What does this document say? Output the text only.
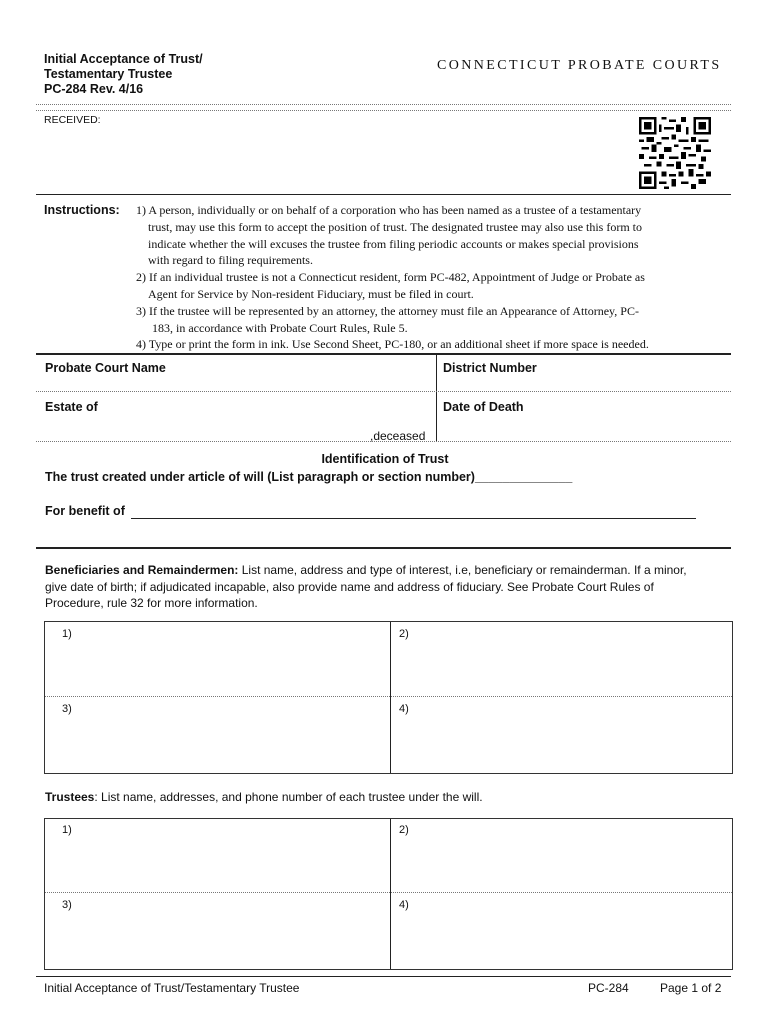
Initial Acceptance of Trust/
Testamentary Trustee
PC-284 Rev. 4/16
CONNECTICUT PROBATE COURTS
RECEIVED:
Instructions: 1) A person, individually or on behalf of a corporation who has been named as a trustee of a testamentary
trust, may use this form to accept the position of trust. The designated trustee may also use this form to
indicate whether the will excuses the trustee from filing periodic accounts or makes special provisions
with regard to filing requirements.
2) If an individual trustee is not a Connecticut resident, form PC-482, Appointment of Judge or Probate as
Agent for Service by Non-resident Fiduciary, must be filed in court.
3) If the trustee will be represented by an attorney, the attorney must file an Appearance of Attorney, PC-
183, in accordance with Probate Court Rules, Rule 5.
4) Type or print the form in ink. Use Second Sheet, PC-180, or an additional sheet if more space is needed.
Probate Court Name	District Number
Estate of
,deceased
Date of Death
Identification of Trust
The trust created under article of will (List paragraph or section number)______________
For benefit of
Beneficiaries and Remaindermen: List name, address and type of interest, i.e, beneficiary or remainderman. If a minor,
give date of birth; if adjudicated incapable, also provide name and address of fiduciary. See Probate Court Rules of
Procedure, rule 32 for more information.
1)	2)
3)	4)
Trustees: List name, addresses, and phone number of each trustee under the will.
1)	2)
3)	4)
Initial Acceptance of Trust/Testamentary Trustee	PC-284	Page 1 of 2
